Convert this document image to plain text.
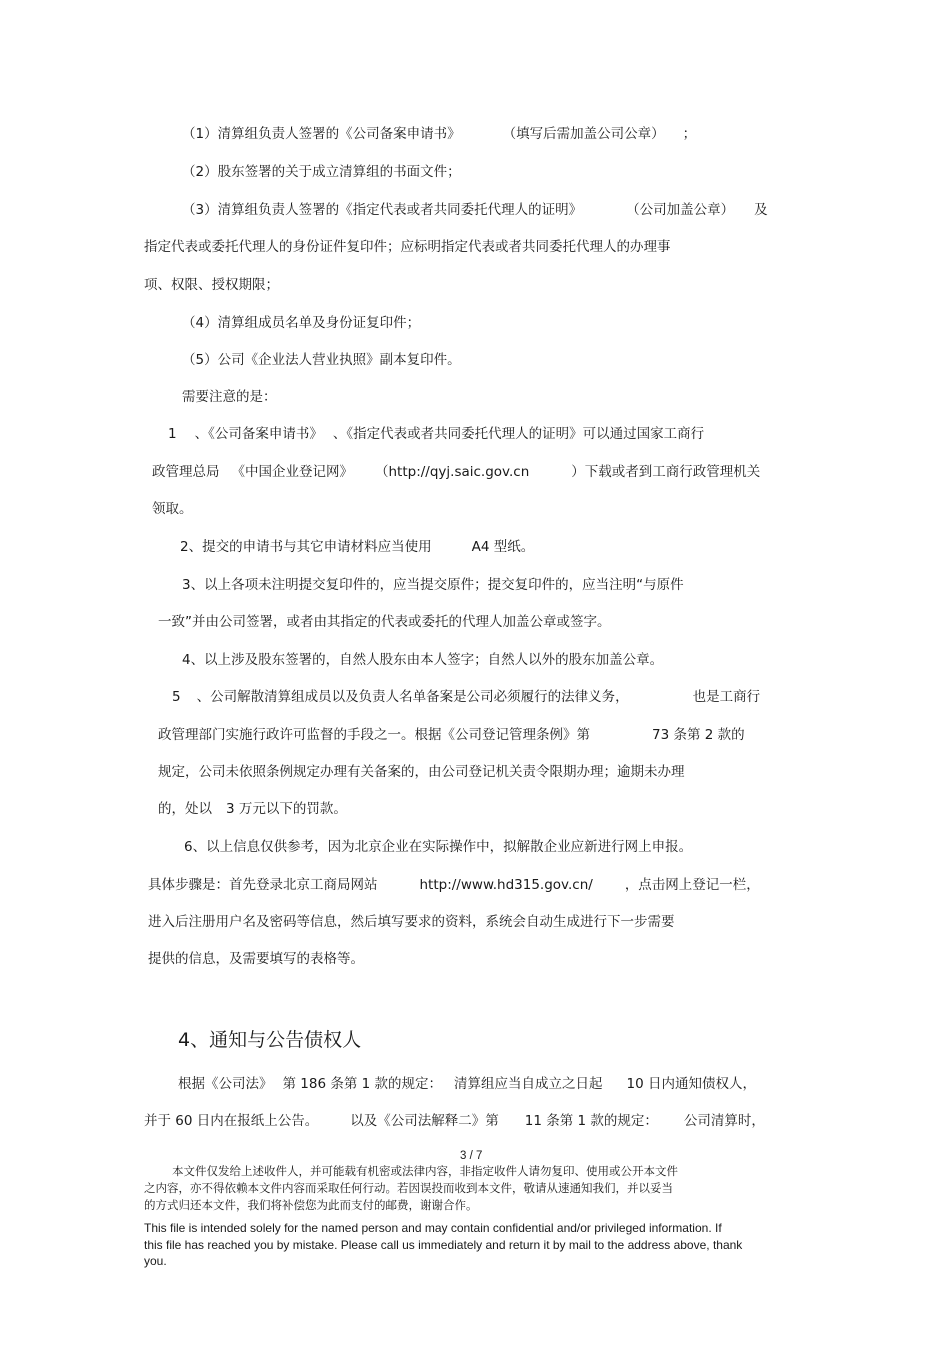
（1）清算组负责人签署的《公司备案申请书》	（填写后需加盖公司公章） ；
（2）股东签署的关于成立清算组的书面文件；
（3）清算组负责人签署的《指定代表或者共同委托代理人的证明》	（公司加盖公章） 及
指定代表或委托代理人的身份证件复印件；应标明指定代表或者共同委托代理人的办理事
项、权限、授权期限；
（4）清算组成员名单及身份证复印件；
（5）公司《企业法人营业执照》副本复印件。
需要注意的是：
1 、《公司备案申请书》 、《指定代表或者共同委托代理人的证明》可以通过国家工商行
政管理总局 《中国企业登记网》 （http://qyj.saic.gov.cn	）下载或者到工商行政管理机关
领取。
2、提交的申请书与其它申请材料应当使用	A4 型纸。
3、以上各项未注明提交复印件的，应当提交原件；提交复印件的，应当注明“与原件
一致”并由公司签署，或者由其指定的代表或委托的代理人加盖公章或签字。
4、以上涉及股东签署的，自然人股东由本人签字；自然人以外的股东加盖公章。
5 、公司解散清算组成员以及负责人名单备案是公司必须履行的法律义务，	也是工商行
政管理部门实施行政许可监督的手段之一。根据《公司登记管理条例》第	73 条第 2 款的
规定，公司未依照条例规定办理有关备案的，由公司登记机关责令限期办理；逾期未办理
的，处以 3 万元以下的罚款。
6、以上信息仅供参考，因为北京企业在实际操作中，拟解散企业应新进行网上申报。
具体步骤是：首先登录北京工商局网站	http://www.hd315.gov.cn/ ，点击网上登记一栏，
进入后注册用户名及密码等信息，然后填写要求的资料，系统会自动生成进行下一步需要
提供的信息，及需要填写的表格等。
4、通知与公告债权人
根据《公司法》 第 186 条第 1 款的规定： 清算组应当自成立之日起 10 日内通知债权人，
并于 60 日内在报纸上公告。 以及《公司法解释二》第 11 条第 1 款的规定： 公司清算时，
3 / 7
本文件仅发给上述收件人，并可能载有机密或法律内容，非指定收件人请勿复印、使用或公开本文件
之内容，亦不得依赖本文件内容而采取任何行动。若因误投而收到本文件，敬请从速通知我们，并以妥当
的方式归还本文件，我们将补偿您为此而支付的邮费，谢谢合作。
This file is intended solely for the named person and may contain confidential and/or privileged information. If
this file has reached you by mistake. Please call us immediately and return it by mail to the address above, thank
you.
